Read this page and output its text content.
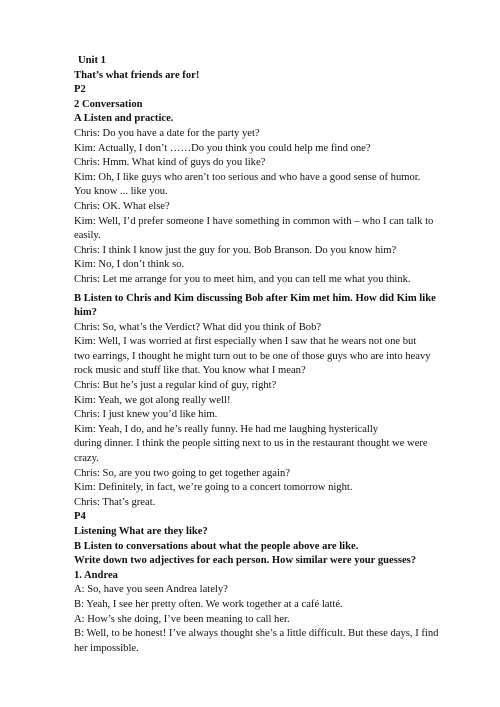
Unit 1
That’s what friends are for!
P2
2 Conversation
A Listen and practice.
Chris: Do you have a date for the party yet?
Kim: Actually, I don’t ……Do you think you could help me find one?
Chris: Hmm. What kind of guys do you like?
Kim: Oh, I like guys who aren’t too serious and who have a good sense of humor.
You know ... like you.
Chris: OK. What else?
Kim: Well, I’d prefer someone I have something in common with – who I can talk to
easily.
Chris: I think I know just the guy for you. Bob Branson. Do you know him?
Kim: No, I don’t think so.
Chris: Let me arrange for you to meet him, and you can tell me what you think.
B Listen to Chris and Kim discussing Bob after Kim met him. How did Kim like
him?
Chris: So, what’s the Verdict? What did you think of Bob?
Kim: Well, I was worried at first especially when I saw that he wears not one but
two earrings, I thought he might turn out to be one of those guys who are into heavy
rock music and stuff like that. You know what I mean?
Chris: But he’s just a regular kind of guy, right?
Kim: Yeah, we got along really well!
Chris: I just knew you’d like him.
Kim: Yeah, I do, and he’s really funny. He had me laughing hysterically
during dinner. I think the people sitting next to us in the restaurant thought we were
crazy.
Chris: So, are you two going to get together again?
Kim: Definitely, in fact, we’re going to a concert tomorrow night.
Chris: That’s great.
P4
Listening What are they like?
B Listen to conversations about what the people above are like.
Write down two adjectives for each person. How similar were your guesses?
1. Andrea
A: So, have you seen Andrea lately?
B: Yeah, I see her pretty often. We work together at a café latté.
A: How’s she doing, I’ve been meaning to call her.
B: Well, to be honest! I’ve always thought she’s a little difficult. But these days, I find
her impossible.
